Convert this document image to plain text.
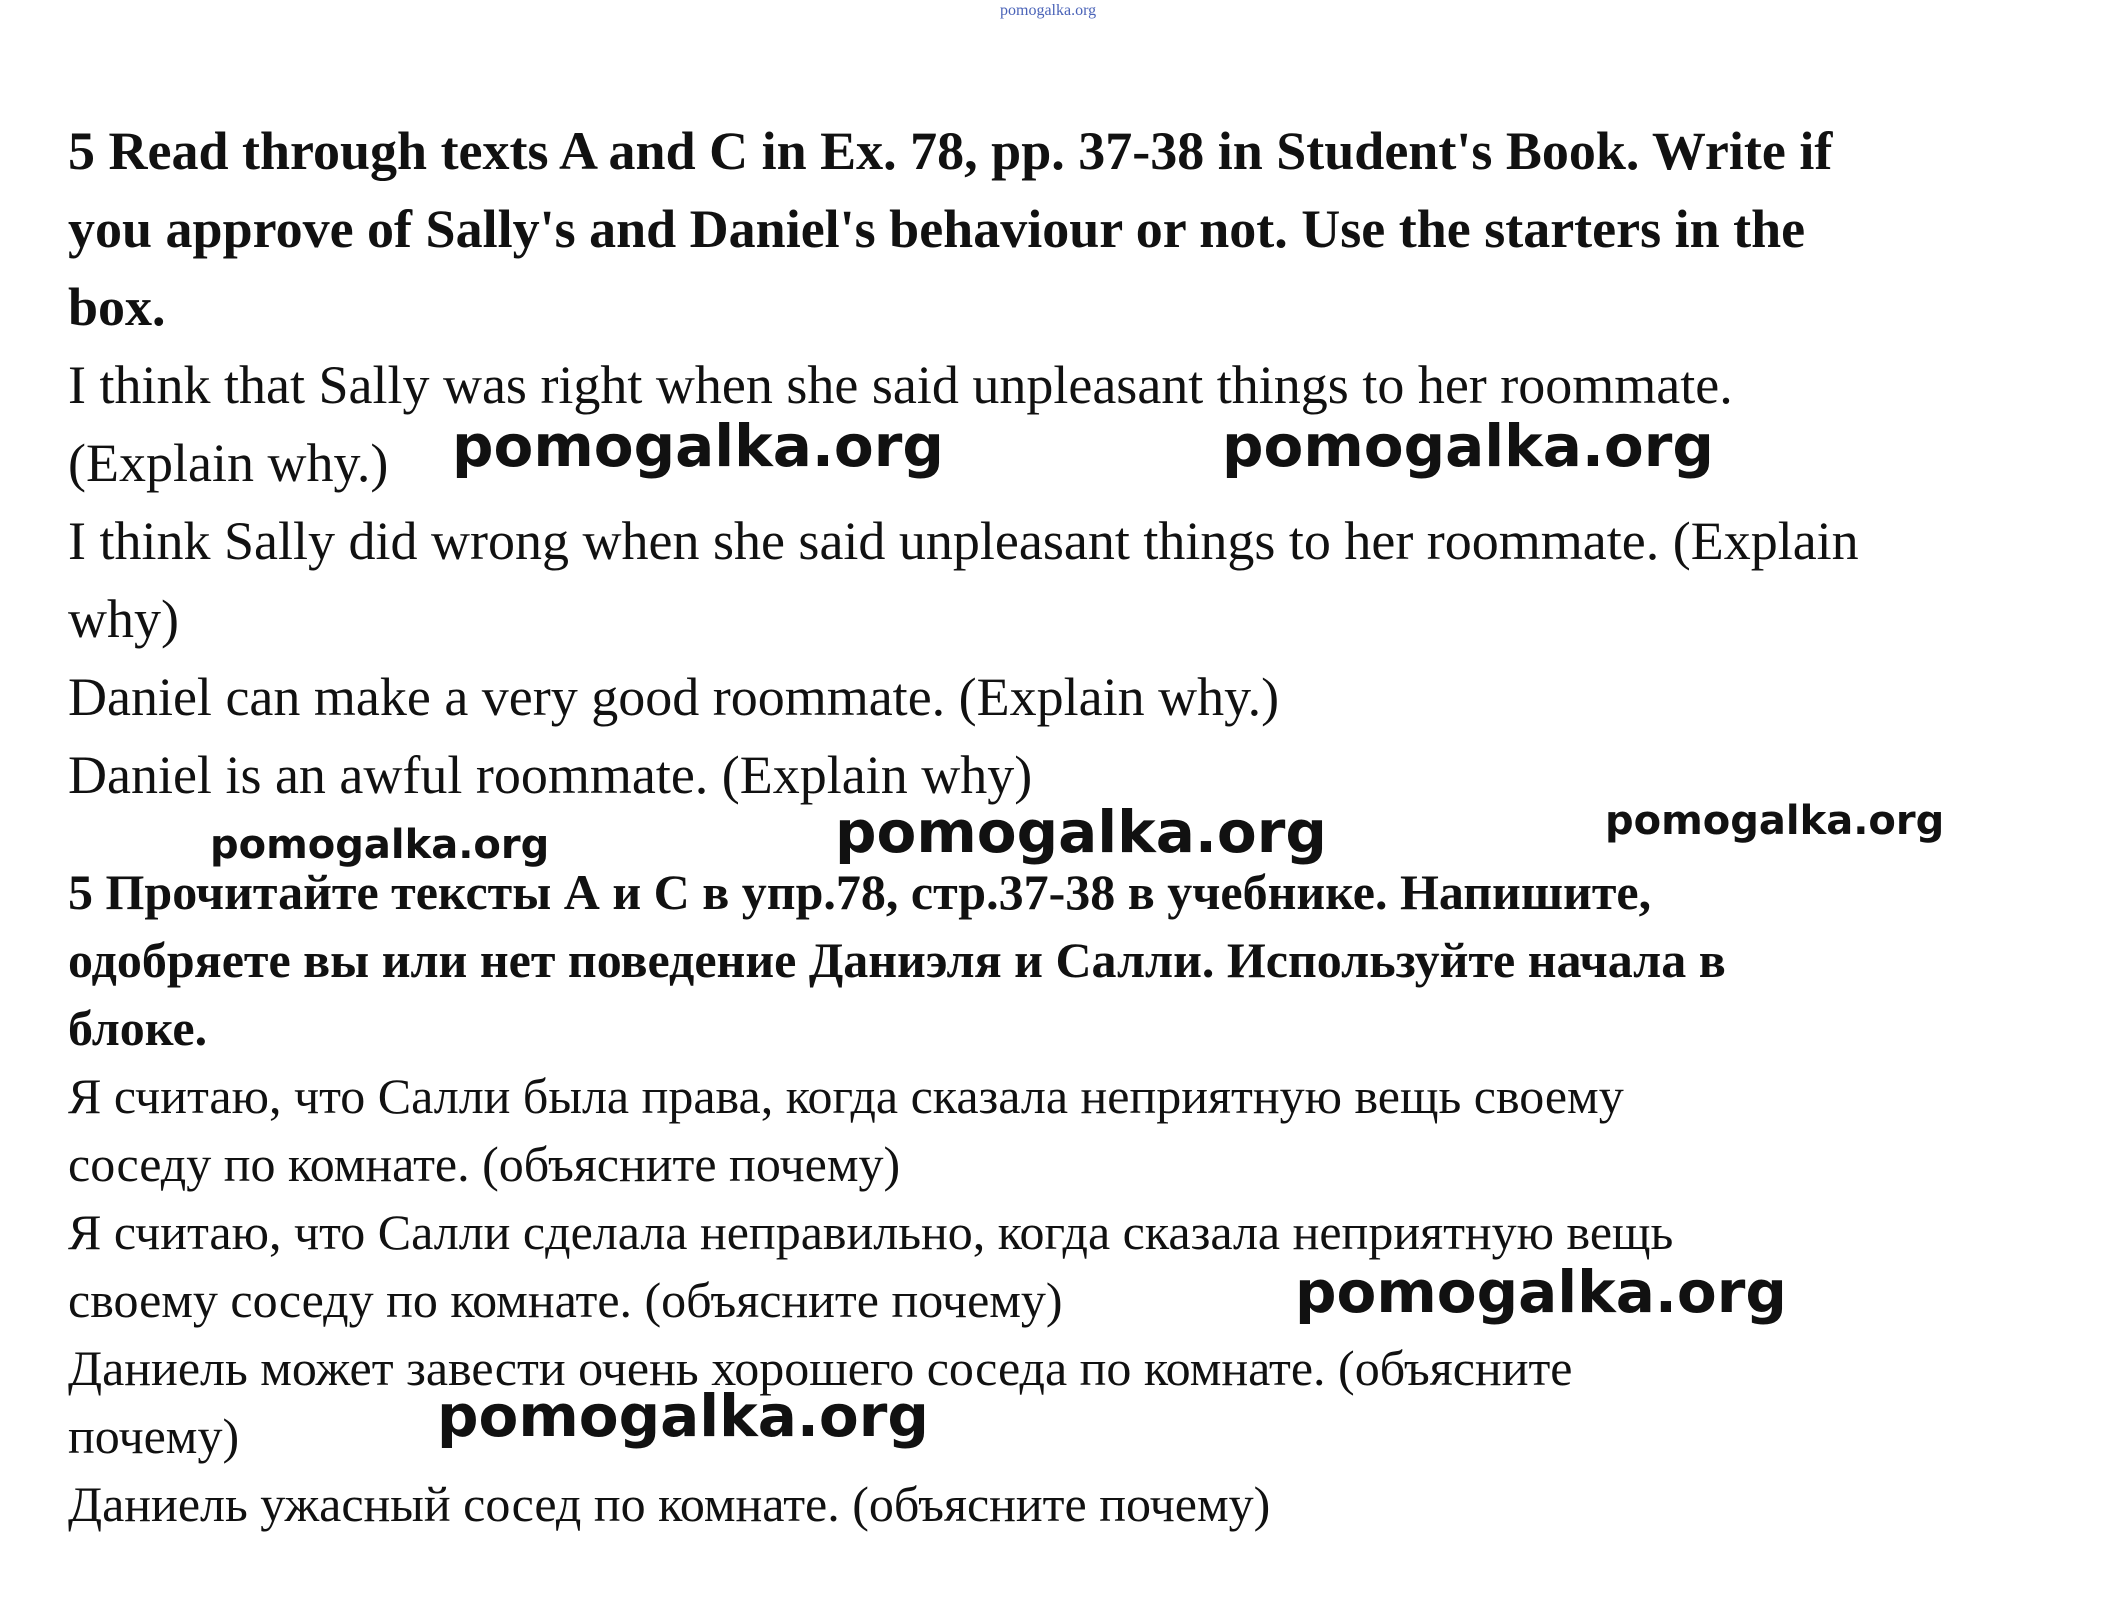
pomogalka.org

5 Read through texts A and C in Ex. 78, pp. 37-38 in Student's Book. Write if

you approve of Sally's and Daniel's behaviour or not. Use the starters in the

box.

I think that Sally was right when she said unpleasant things to her roommate.

(Explain why.)

I think Sally did wrong when she said unpleasant things to her roommate. (Explain

why)

Daniel can make a very good roommate. (Explain why.)

Daniel is an awful roommate. (Explain why)

5 Прочитайте тексты А и С в упр.78, стр.37-38 в учебнике. Напишите,

одобряете вы или нет поведение Даниэля и Салли. Используйте начала в

блоке.

Я считаю, что Салли была права, когда сказала неприятную вещь своему

соседу по комнате. (объясните почему)

Я считаю, что Салли сделала неправильно, когда сказала неприятную вещь

своему соседу по комнате. (объясните почему)

Даниель может завести очень хорошего соседа по комнате. (объясните

почему)

Даниель ужасный сосед по комнате. (объясните почему)

pomogalka.org	pomogalka.org
pomogalka.org	pomogalka.org	pomogalka.org
pomogalka.org
pomogalka.org
